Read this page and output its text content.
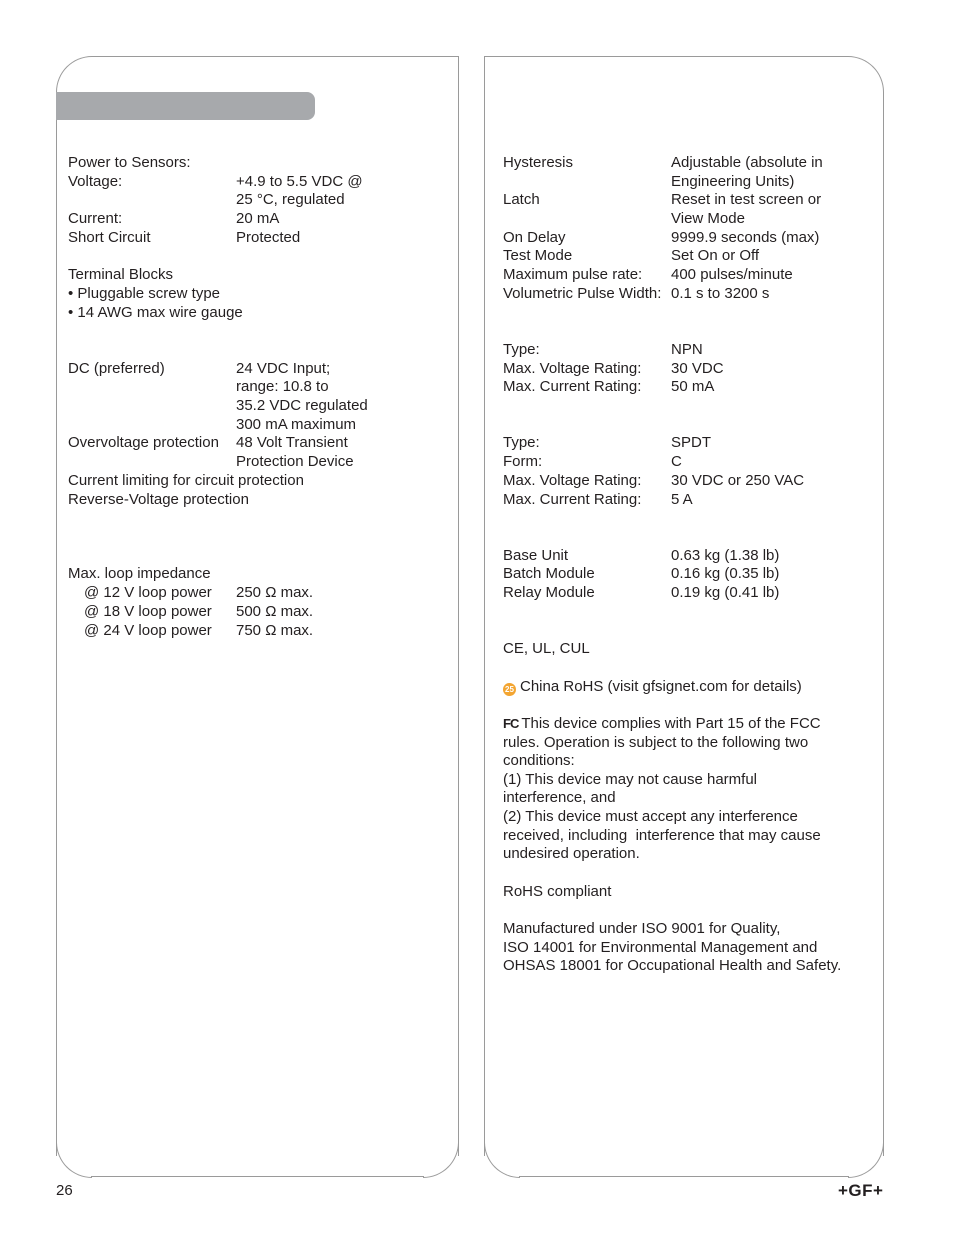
Power to Sensors:
Voltage:	+4.9 to 5.5 VDC @
25 °C, regulated
Current:	20 mA
Short Circuit	Protected
Terminal Blocks
• Pluggable screw type
• 14 AWG max wire gauge
DC (preferred)	24 VDC Input;
range: 10.8 to
35.2 VDC regulated
300 mA maximum
Overvoltage protection 48 Volt Transient
Protection Device
Current limiting for circuit protection
Reverse-Voltage protection
Max. loop impedance
@ 12 V loop power 250 Ω max.
@ 18 V loop power 500 Ω max.
@ 24 V loop power 750 Ω max.
Hysteresis	Adjustable (absolute in
Engineering Units)
Latch	Reset in test screen or
View Mode
On Delay	9999.9 seconds (max)
Test Mode	Set On or Off
Maximum pulse rate: 400 pulses/minute
Volumetric Pulse Width: 0.1 s to 3200 s
Type:	NPN
Max. Voltage Rating: 30 VDC
Max. Current Rating: 50 mA
Type:	SPDT
Form:	C
Max. Voltage Rating: 30 VDC or 250 VAC
Max. Current Rating: 5 A
Base Unit	0.63 kg (1.38 lb)
Batch Module	0.16 kg (0.35 lb)
Relay Module	0.19 kg (0.41 lb)
CE, UL, CUL
25 China RoHS (visit gfsignet.com for details)
FC This device complies with Part 15 of the FCC
rules. Operation is subject to the following two
conditions:
(1) This device may not cause harmful
interference, and
(2) This device must accept any interference
received, including  interference that may cause
undesired operation.
RoHS compliant
Manufactured under ISO 9001 for Quality,
ISO 14001 for Environmental Management and
OHSAS 18001 for Occupational Health and Safety.
26	+GF+
